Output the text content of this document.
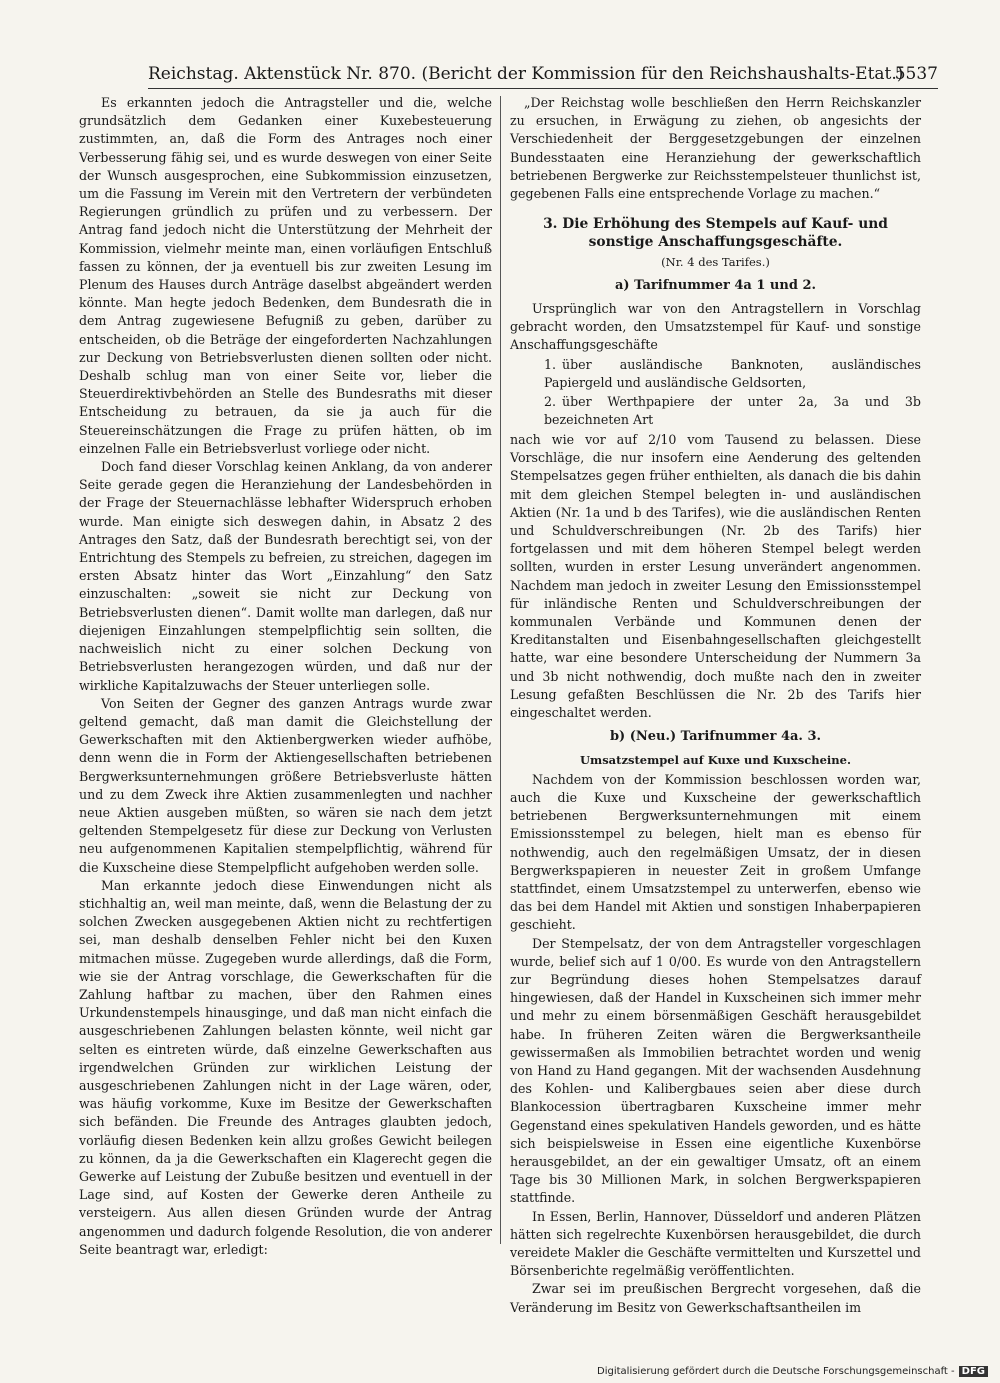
Reichstag. Aktenstück Nr. 870. (Bericht der Kommission für den Reichshaushalts-Etat.)
5537

Es erkannten jedoch die Antragsteller und die, welche grundsätzlich dem Gedanken einer Kuxebesteuerung zustimmten, an, daß die Form des Antrages noch einer Verbesserung fähig sei, und es wurde deswegen von einer Seite der Wunsch ausgesprochen, eine Subkommission einzusetzen, um die Fassung im Verein mit den Vertretern der verbündeten Regierungen gründlich zu prüfen und zu verbessern. Der Antrag fand jedoch nicht die Unterstützung der Mehrheit der Kommission, vielmehr meinte man, einen vorläufigen Entschluß fassen zu können, der ja eventuell bis zur zweiten Lesung im Plenum des Hauses durch Anträge daselbst abgeändert werden könnte. Man hegte jedoch Bedenken, dem Bundesrath die in dem Antrag zugewiesene Befugniß zu geben, darüber zu entscheiden, ob die Beträge der eingeforderten Nachzahlungen zur Deckung von Betriebsverlusten dienen sollten oder nicht. Deshalb schlug man von einer Seite vor, lieber die Steuerdirektivbehörden an Stelle des Bundesraths mit dieser Entscheidung zu betrauen, da sie ja auch für die Steuereinschätzungen die Frage zu prüfen hätten, ob im einzelnen Falle ein Betriebsverlust vorliege oder nicht.

Doch fand dieser Vorschlag keinen Anklang, da von anderer Seite gerade gegen die Heranziehung der Landesbehörden in der Frage der Steuernachlässe lebhafter Widerspruch erhoben wurde. Man einigte sich deswegen dahin, in Absatz 2 des Antrages den Satz, daß der Bundesrath berechtigt sei, von der Entrichtung des Stempels zu befreien, zu streichen, dagegen im ersten Absatz hinter das Wort „Einzahlung“ den Satz einzuschalten: „soweit sie nicht zur Deckung von Betriebsverlusten dienen“. Damit wollte man darlegen, daß nur diejenigen Einzahlungen stempelpflichtig sein sollten, die nachweislich nicht zu einer solchen Deckung von Betriebsverlusten herangezogen würden, und daß nur der wirkliche Kapitalzuwachs der Steuer unterliegen solle.

Von Seiten der Gegner des ganzen Antrags wurde zwar geltend gemacht, daß man damit die Gleichstellung der Gewerkschaften mit den Aktienbergwerken wieder aufhöbe, denn wenn die in Form der Aktiengesellschaften betriebenen Bergwerksunternehmungen größere Betriebsverluste hätten und zu dem Zweck ihre Aktien zusammenlegten und nachher neue Aktien ausgeben müßten, so wären sie nach dem jetzt geltenden Stempelgesetz für diese zur Deckung von Verlusten neu aufgenommenen Kapitalien stempelpflichtig, während für die Kuxscheine diese Stempelpflicht aufgehoben werden solle.

Man erkannte jedoch diese Einwendungen nicht als stichhaltig an, weil man meinte, daß, wenn die Belastung der zu solchen Zwecken ausgegebenen Aktien nicht zu rechtfertigen sei, man deshalb denselben Fehler nicht bei den Kuxen mitmachen müsse. Zugegeben wurde allerdings, daß die Form, wie sie der Antrag vorschlage, die Gewerkschaften für die Zahlung haftbar zu machen, über den Rahmen eines Urkundenstempels hinausginge, und daß man nicht einfach die ausgeschriebenen Zahlungen belasten könnte, weil nicht gar selten es eintreten würde, daß einzelne Gewerkschaften aus irgendwelchen Gründen zur wirklichen Leistung der ausgeschriebenen Zahlungen nicht in der Lage wären, oder, was häufig vorkomme, Kuxe im Besitze der Gewerkschaften sich befänden. Die Freunde des Antrages glaubten jedoch, vorläufig diesen Bedenken kein allzu großes Gewicht beilegen zu können, da ja die Gewerkschaften ein Klagerecht gegen die Gewerke auf Leistung der Zubuße besitzen und eventuell in der Lage sind, auf Kosten der Gewerke deren Antheile zu versteigern. Aus allen diesen Gründen wurde der Antrag angenommen und dadurch folgende Resolution, die von anderer Seite beantragt war, erledigt:

„Der Reichstag wolle beschließen den Herrn Reichskanzler zu ersuchen, in Erwägung zu ziehen, ob angesichts der Verschiedenheit der Berggesetzgebungen der einzelnen Bundesstaaten eine Heranziehung der gewerkschaftlich betriebenen Bergwerke zur Reichsstempelsteuer thunlichst ist, gegebenen Falls eine entsprechende Vorlage zu machen.“

3. Die Erhöhung des Stempels auf Kauf- und sonstige Anschaffungsgeschäfte.
(Nr. 4 des Tarifes.)
a) Tarifnummer 4a 1 und 2.

Ursprünglich war von den Antragstellern in Vorschlag gebracht worden, den Umsatzstempel für Kauf- und sonstige Anschaffungsgeschäfte

1. über ausländische Banknoten, ausländisches Papiergeld und ausländische Geldsorten,
2. über Werthpapiere der unter 2a, 3a und 3b bezeichneten Art

nach wie vor auf 2/10 vom Tausend zu belassen. Diese Vorschläge, die nur insofern eine Aenderung des geltenden Stempelsatzes gegen früher enthielten, als danach die bis dahin mit dem gleichen Stempel belegten in- und ausländischen Aktien (Nr. 1a und b des Tarifes), wie die ausländischen Renten und Schuldverschreibungen (Nr. 2b des Tarifs) hier fortgelassen und mit dem höheren Stempel belegt werden sollten, wurden in erster Lesung unverändert angenommen. Nachdem man jedoch in zweiter Lesung den Emissionsstempel für inländische Renten und Schuldverschreibungen der kommunalen Verbände und Kommunen denen der Kreditanstalten und Eisenbahngesellschaften gleichgestellt hatte, war eine besondere Unterscheidung der Nummern 3a und 3b nicht nothwendig, doch mußte nach den in zweiter Lesung gefaßten Beschlüssen die Nr. 2b des Tarifs hier eingeschaltet werden.

b) (Neu.) Tarifnummer 4a. 3.
Umsatzstempel auf Kuxe und Kuxscheine.

Nachdem von der Kommission beschlossen worden war, auch die Kuxe und Kuxscheine der gewerkschaftlich betriebenen Bergwerksunternehmungen mit einem Emissionsstempel zu belegen, hielt man es ebenso für nothwendig, auch den regelmäßigen Umsatz, der in diesen Bergwerkspapieren in neuester Zeit in großem Umfange stattfindet, einem Umsatzstempel zu unterwerfen, ebenso wie das bei dem Handel mit Aktien und sonstigen Inhaberpapieren geschieht.

Der Stempelsatz, der von dem Antragsteller vorgeschlagen wurde, belief sich auf 1 0/00. Es wurde von den Antragstellern zur Begründung dieses hohen Stempelsatzes darauf hingewiesen, daß der Handel in Kuxscheinen sich immer mehr und mehr zu einem börsenmäßigen Geschäft herausgebildet habe. In früheren Zeiten wären die Bergwerksantheile gewissermaßen als Immobilien betrachtet worden und wenig von Hand zu Hand gegangen. Mit der wachsenden Ausdehnung des Kohlen- und Kalibergbaues seien aber diese durch Blankocession übertragbaren Kuxscheine immer mehr Gegenstand eines spekulativen Handels geworden, und es hätte sich beispielsweise in Essen eine eigentliche Kuxenbörse herausgebildet, an der ein gewaltiger Umsatz, oft an einem Tage bis 30 Millionen Mark, in solchen Bergwerkspapieren stattfinde.

In Essen, Berlin, Hannover, Düsseldorf und anderen Plätzen hätten sich regelrechte Kuxenbörsen herausgebildet, die durch vereidete Makler die Geschäfte vermittelten und Kurszettel und Börsenberichte regelmäßig veröffentlichten.

Zwar sei im preußischen Bergrecht vorgesehen, daß die Veränderung im Besitz von Gewerkschaftsantheilen im

Digitalisierung gefördert durch die Deutsche Forschungsgemeinschaft - DFG
